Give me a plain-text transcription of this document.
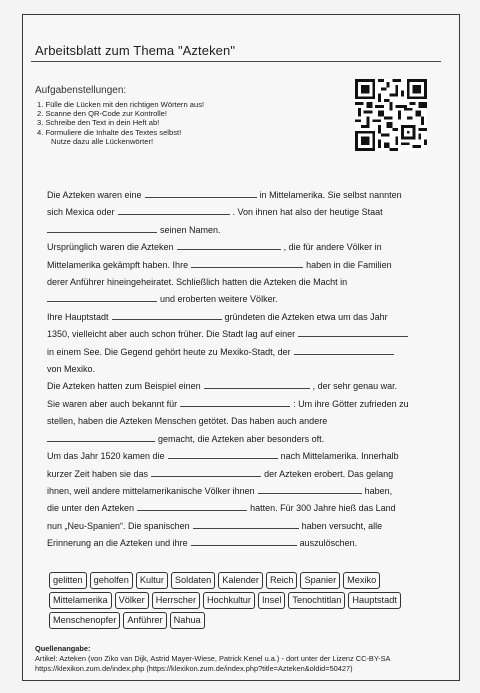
Arbeitsblatt zum Thema "Azteken"
Aufgabenstellungen:
1. Fülle die Lücken mit den richtigen Wörtern aus!
2. Scanne den QR-Code zur Kontrolle!
3. Schreibe den Text in dein Heft ab!
4. Formuliere die Inhalte des Textes selbst!
Nutze dazu alle Lückenwörter!
Die Azteken waren eine	in Mittelamerika. Sie selbst nannten
sich Mexica oder	. Von ihnen hat also der heutige Staat
seinen Namen.
Ursprünglich waren die Azteken	, die für andere Völker in
Mittelamerika gekämpft haben. Ihre	haben in die Familien
derer Anführer hineingeheiratet. Schließlich hatten die Azteken die Macht in
und eroberten weitere Völker.
Ihre Hauptstadt	gründeten die Azteken etwa um das Jahr
1350, vielleicht aber auch schon früher. Die Stadt lag auf einer
in einem See. Die Gegend gehört heute zu Mexiko-Stadt, der
von Mexiko.
Die Azteken hatten zum Beispiel einen	, der sehr genau war.
Sie waren aber auch bekannt für	: Um ihre Götter zufrieden zu
stellen, haben die Azteken Menschen getötet. Das haben auch andere
gemacht, die Azteken aber besonders oft.
Um das Jahr 1520 kamen die	nach Mittelamerika. Innerhalb
kurzer Zeit haben sie das	der Azteken erobert. Das gelang
ihnen, weil andere mittelamerikanische Völker ihnen	haben,
die unter den Azteken	hatten. Für 300 Jahre hieß das Land
nun „Neu-Spanien“. Die spanischen	haben versucht, alle
Erinnerung an die Azteken und ihre	auszulöschen.
gelitten	geholfen	Kultur	Soldaten	Kalender	Reich	Spanier	Mexiko
Mittelamerika	Völker	Herrscher	Hochkultur	Insel	Tenochtitlan	Hauptstadt
Menschenopfer	Anführer	Nahua
Quellenangabe:
Artikel: Azteken (von Ziko van Dijk, Astrid Mayer-Wiese, Patrick Kenel u.a.) - dort unter der Lizenz CC-BY-SA
https://klexikon.zum.de/index.php (https://klexikon.zum.de/index.php?title=Azteken&oldid=50427)
